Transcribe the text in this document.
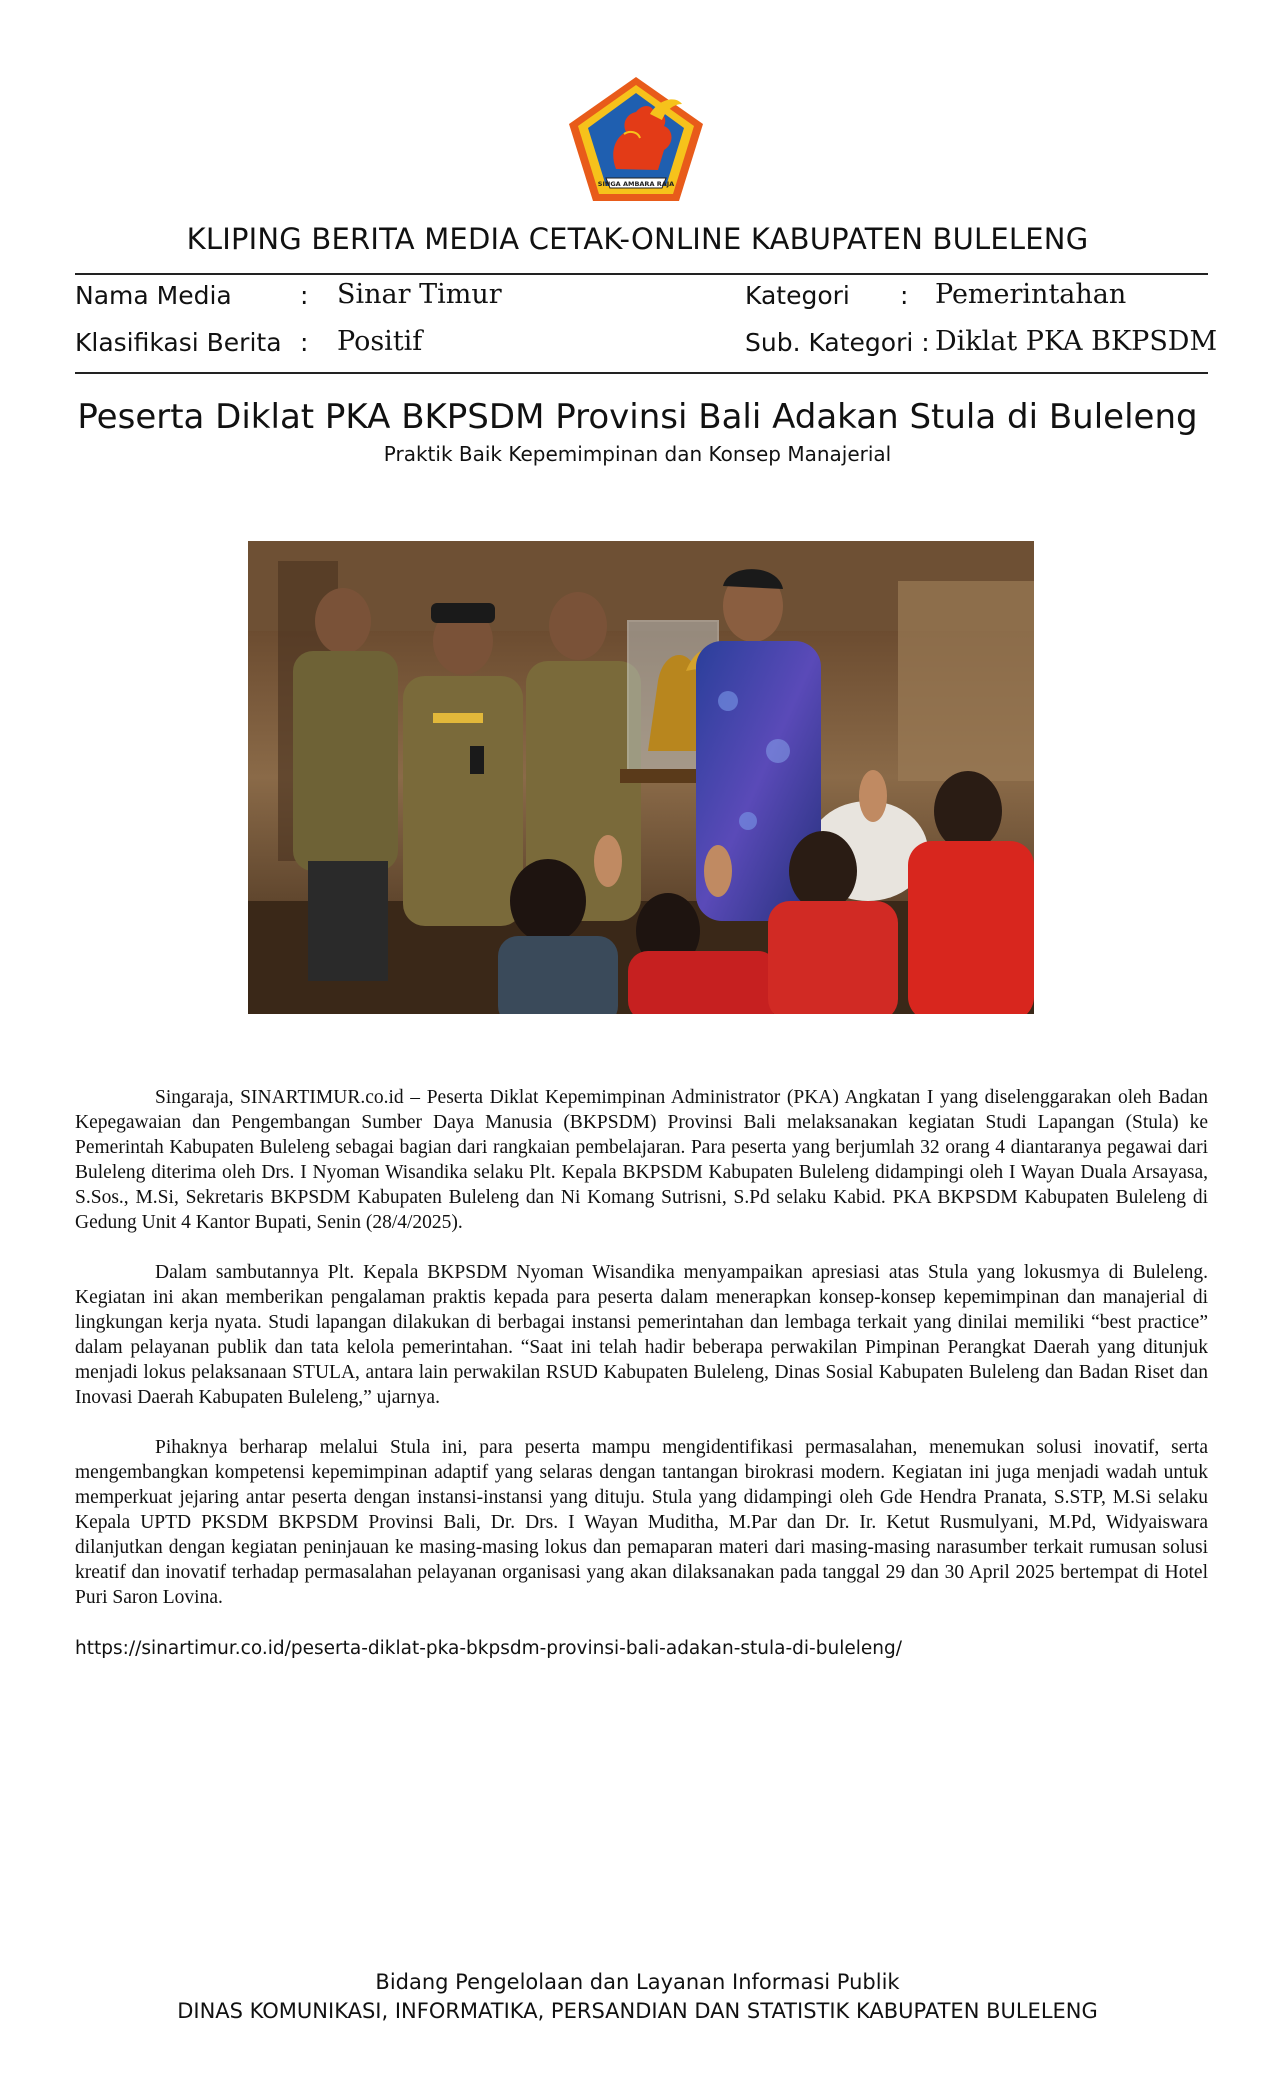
SINGA AMBARA RAJA
KLIPING BERITA MEDIA CETAK-ONLINE KABUPATEN BULELENG
Nama Media	: Sinar Timur	Kategori : Pemerintahan
Klasifikasi Berita : Positif	Sub. Kategori : Diklat PKA BKPSDM
Peserta Diklat PKA BKPSDM Provinsi Bali Adakan Stula di Buleleng
Praktik Baik Kepemimpinan dan Konsep Manajerial

Singaraja, SINARTIMUR.co.id – Peserta Diklat Kepemimpinan Administrator (PKA) Angkatan I yang diselenggarakan oleh Badan Kepegawaian dan Pengembangan Sumber Daya Manusia (BKPSDM) Provinsi Bali melaksanakan kegiatan Studi Lapangan (Stula) ke Pemerintah Kabupaten Buleleng sebagai bagian dari rangkaian pembelajaran. Para peserta yang berjumlah 32 orang 4 diantaranya pegawai dari Buleleng diterima oleh Drs. I Nyoman Wisandika selaku Plt. Kepala BKPSDM Kabupaten Buleleng didampingi oleh I Wayan Duala Arsayasa, S.Sos., M.Si, Sekretaris BKPSDM Kabupaten Buleleng dan Ni Komang Sutrisni, S.Pd selaku Kabid. PKA BKPSDM Kabupaten Buleleng di Gedung Unit 4 Kantor Bupati, Senin (28/4/2025).

Dalam sambutannya Plt. Kepala BKPSDM Nyoman Wisandika menyampaikan apresiasi atas Stula yang lokusmya di Buleleng. Kegiatan ini akan memberikan pengalaman praktis kepada para peserta dalam menerapkan konsep-konsep kepemimpinan dan manajerial di lingkungan kerja nyata. Studi lapangan dilakukan di berbagai instansi pemerintahan dan lembaga terkait yang dinilai memiliki “best practice” dalam pelayanan publik dan tata kelola pemerintahan. “Saat ini telah hadir beberapa perwakilan Pimpinan Perangkat Daerah yang ditunjuk menjadi lokus pelaksanaan STULA, antara lain perwakilan RSUD Kabupaten Buleleng, Dinas Sosial Kabupaten Buleleng dan Badan Riset dan Inovasi Daerah Kabupaten Buleleng,” ujarnya.

Pihaknya berharap melalui Stula ini, para peserta mampu mengidentifikasi permasalahan, menemukan solusi inovatif, serta mengembangkan kompetensi kepemimpinan adaptif yang selaras dengan tantangan birokrasi modern. Kegiatan ini juga menjadi wadah untuk memperkuat jejaring antar peserta dengan instansi-instansi yang dituju. Stula yang didampingi oleh Gde Hendra Pranata, S.STP, M.Si selaku Kepala UPTD PKSDM BKPSDM Provinsi Bali, Dr. Drs. I Wayan Muditha, M.Par dan Dr. Ir. Ketut Rusmulyani, M.Pd, Widyaiswara dilanjutkan dengan kegiatan peninjauan ke masing-masing lokus dan pemaparan materi dari masing-masing narasumber terkait rumusan solusi kreatif dan inovatif terhadap permasalahan pelayanan organisasi yang akan dilaksanakan pada tanggal 29 dan 30 April 2025 bertempat di Hotel Puri Saron Lovina.

https://sinartimur.co.id/peserta-diklat-pka-bkpsdm-provinsi-bali-adakan-stula-di-buleleng/
Bidang Pengelolaan dan Layanan Informasi Publik
DINAS KOMUNIKASI, INFORMATIKA, PERSANDIAN DAN STATISTIK KABUPATEN BULELENG
